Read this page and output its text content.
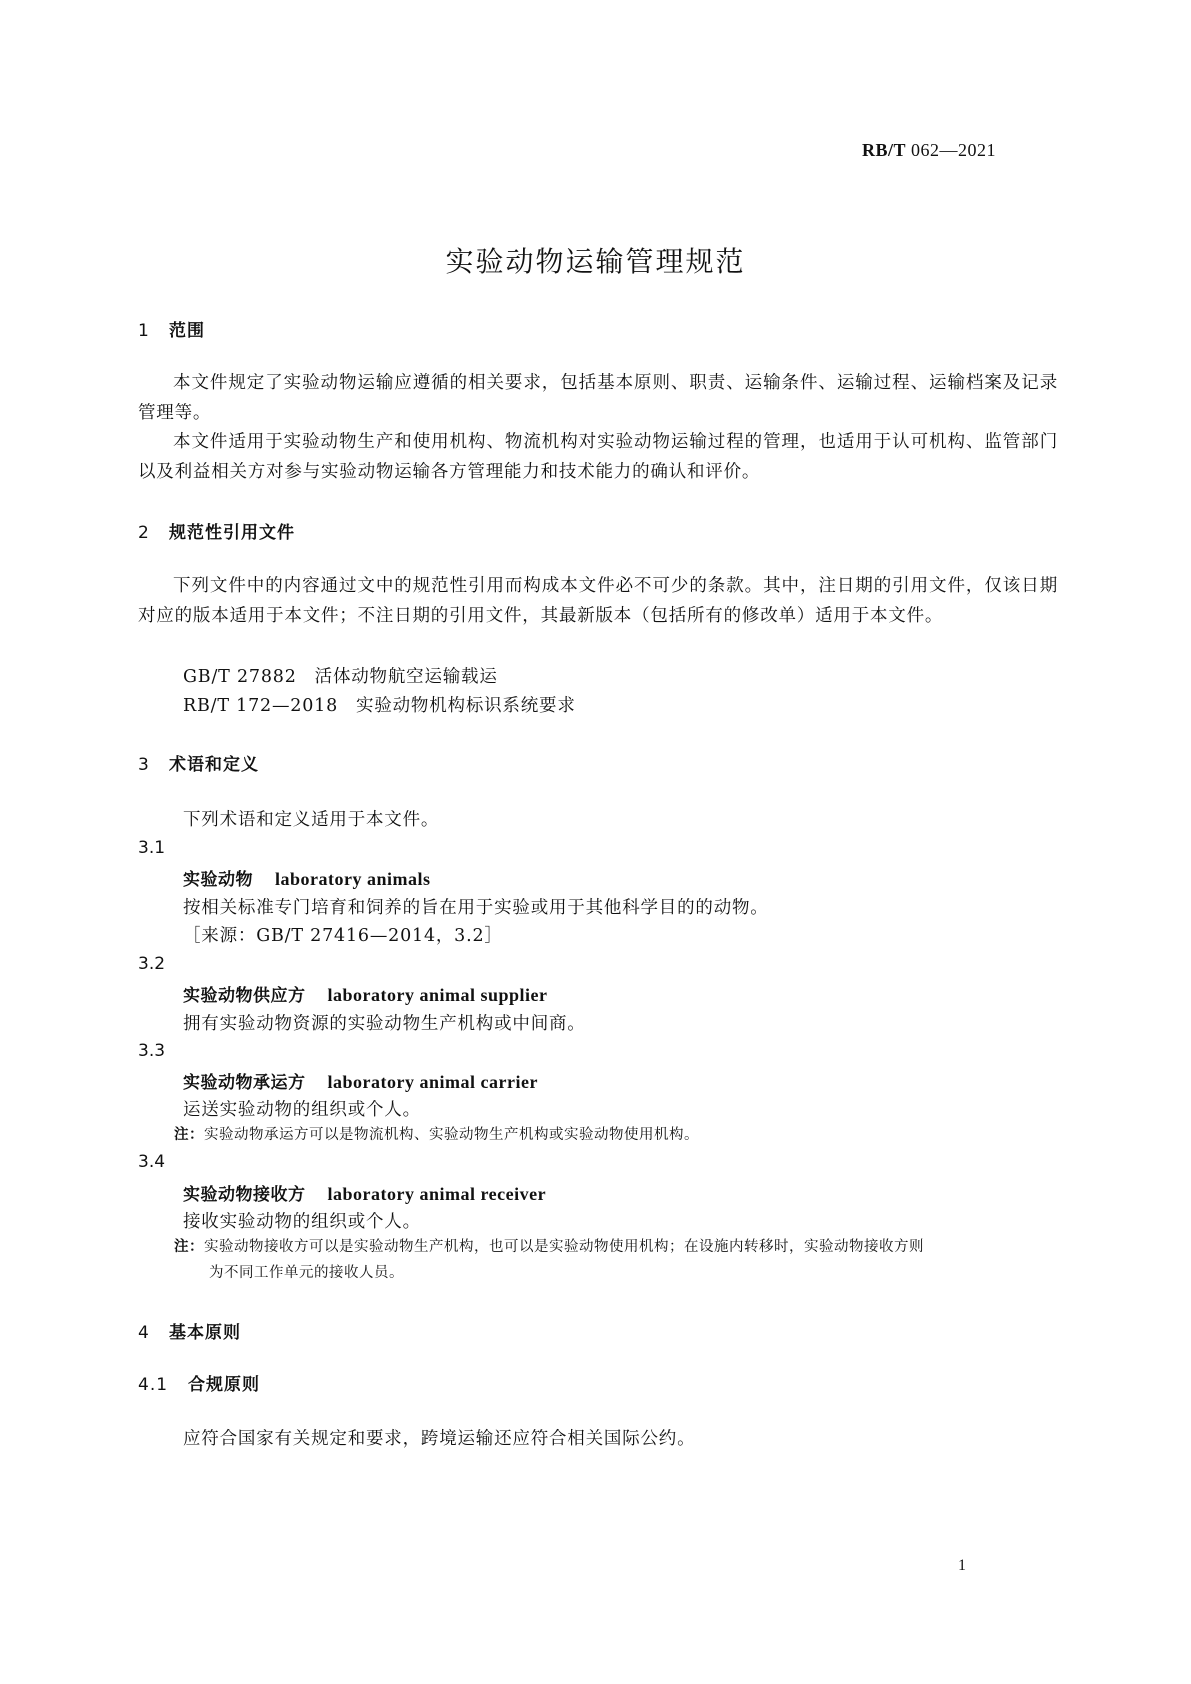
RB/T 062—2021
实验动物运输管理规范
1 范围
本文件规定了实验动物运输应遵循的相关要求，包括基本原则、职责、运输条件、运输过程、运输档案及记录管理等。
本文件适用于实验动物生产和使用机构、物流机构对实验动物运输过程的管理，也适用于认可机构、监管部门以及利益相关方对参与实验动物运输各方管理能力和技术能力的确认和评价。
2 规范性引用文件
下列文件中的内容通过文中的规范性引用而构成本文件必不可少的条款。其中，注日期的引用文件，仅该日期对应的版本适用于本文件；不注日期的引用文件，其最新版本（包括所有的修改单）适用于本文件。
GB/T 27882 活体动物航空运输载运
RB/T 172—2018 实验动物机构标识系统要求
3 术语和定义
下列术语和定义适用于本文件。
3.1
实验动物 laboratory animals
按相关标准专门培育和饲养的旨在用于实验或用于其他科学目的的动物。
［来源：GB/T 27416—2014，3.2］
3.2
实验动物供应方 laboratory animal supplier
拥有实验动物资源的实验动物生产机构或中间商。
3.3
实验动物承运方 laboratory animal carrier
运送实验动物的组织或个人。
注：实验动物承运方可以是物流机构、实验动物生产机构或实验动物使用机构。
3.4
实验动物接收方 laboratory animal receiver
接收实验动物的组织或个人。
注：实验动物接收方可以是实验动物生产机构，也可以是实验动物使用机构；在设施内转移时，实验动物接收方则
为不同工作单元的接收人员。
4 基本原则
4.1 合规原则
应符合国家有关规定和要求，跨境运输还应符合相关国际公约。
1
